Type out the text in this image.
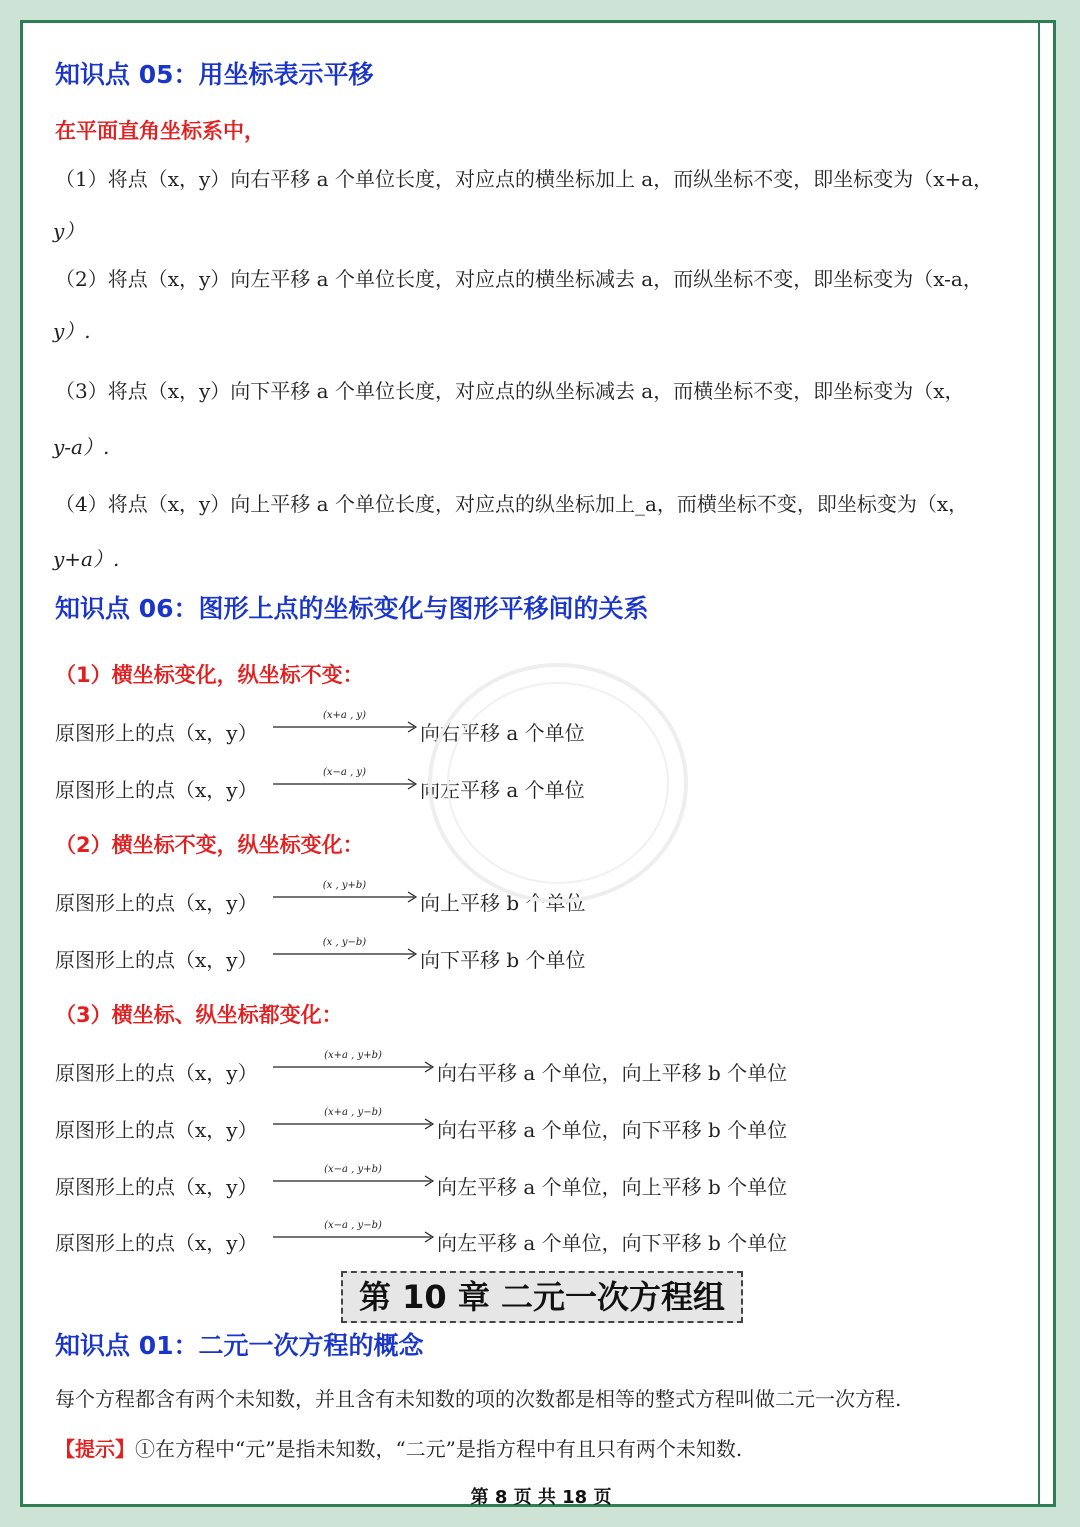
知识点 05：用坐标表示平移
在平面直角坐标系中，
（1）将点（x，y）向右平移 a 个单位长度，对应点的横坐标加上 a，而纵坐标不变，即坐标变为（x+a，
y）
（2）将点（x，y）向左平移 a 个单位长度，对应点的横坐标减去 a，而纵坐标不变，即坐标变为（x-a，
y）.
（3）将点（x，y）向下平移 a 个单位长度，对应点的纵坐标减去 a，而横坐标不变，即坐标变为（x，
y-a）.
（4）将点（x，y）向上平移 a 个单位长度，对应点的纵坐标加上_a，而横坐标不变，即坐标变为（x，
y+a）.
知识点 06：图形上点的坐标变化与图形平移间的关系
（1）横坐标变化，纵坐标不变：
（2）横坐标不变，纵坐标变化：
（3）横坐标、纵坐标都变化：
原图形上的点（x，y）
(x+a , y)
向右平移 a 个单位
原图形上的点（x，y）
(x−a , y)
向左平移 a 个单位
原图形上的点（x，y）
(x , y+b)
向上平移 b 个单位
原图形上的点（x，y）
(x , y−b)
向下平移 b 个单位
原图形上的点（x，y）
(x+a , y+b)
向右平移 a 个单位，向上平移 b 个单位
原图形上的点（x，y）
(x+a , y−b)
向右平移 a 个单位，向下平移 b 个单位
原图形上的点（x，y）
(x−a , y+b)
向左平移 a 个单位，向上平移 b 个单位
原图形上的点（x，y）
(x−a , y−b)
向左平移 a 个单位，向下平移 b 个单位
第 10 章 二元一次方程组
知识点 01：二元一次方程的概念
每个方程都含有两个未知数，并且含有未知数的项的次数都是相等的整式方程叫做二元一次方程.
【提示】①在方程中“元”是指未知数，“二元”是指方程中有且只有两个未知数.
第 8 页 共 18 页
